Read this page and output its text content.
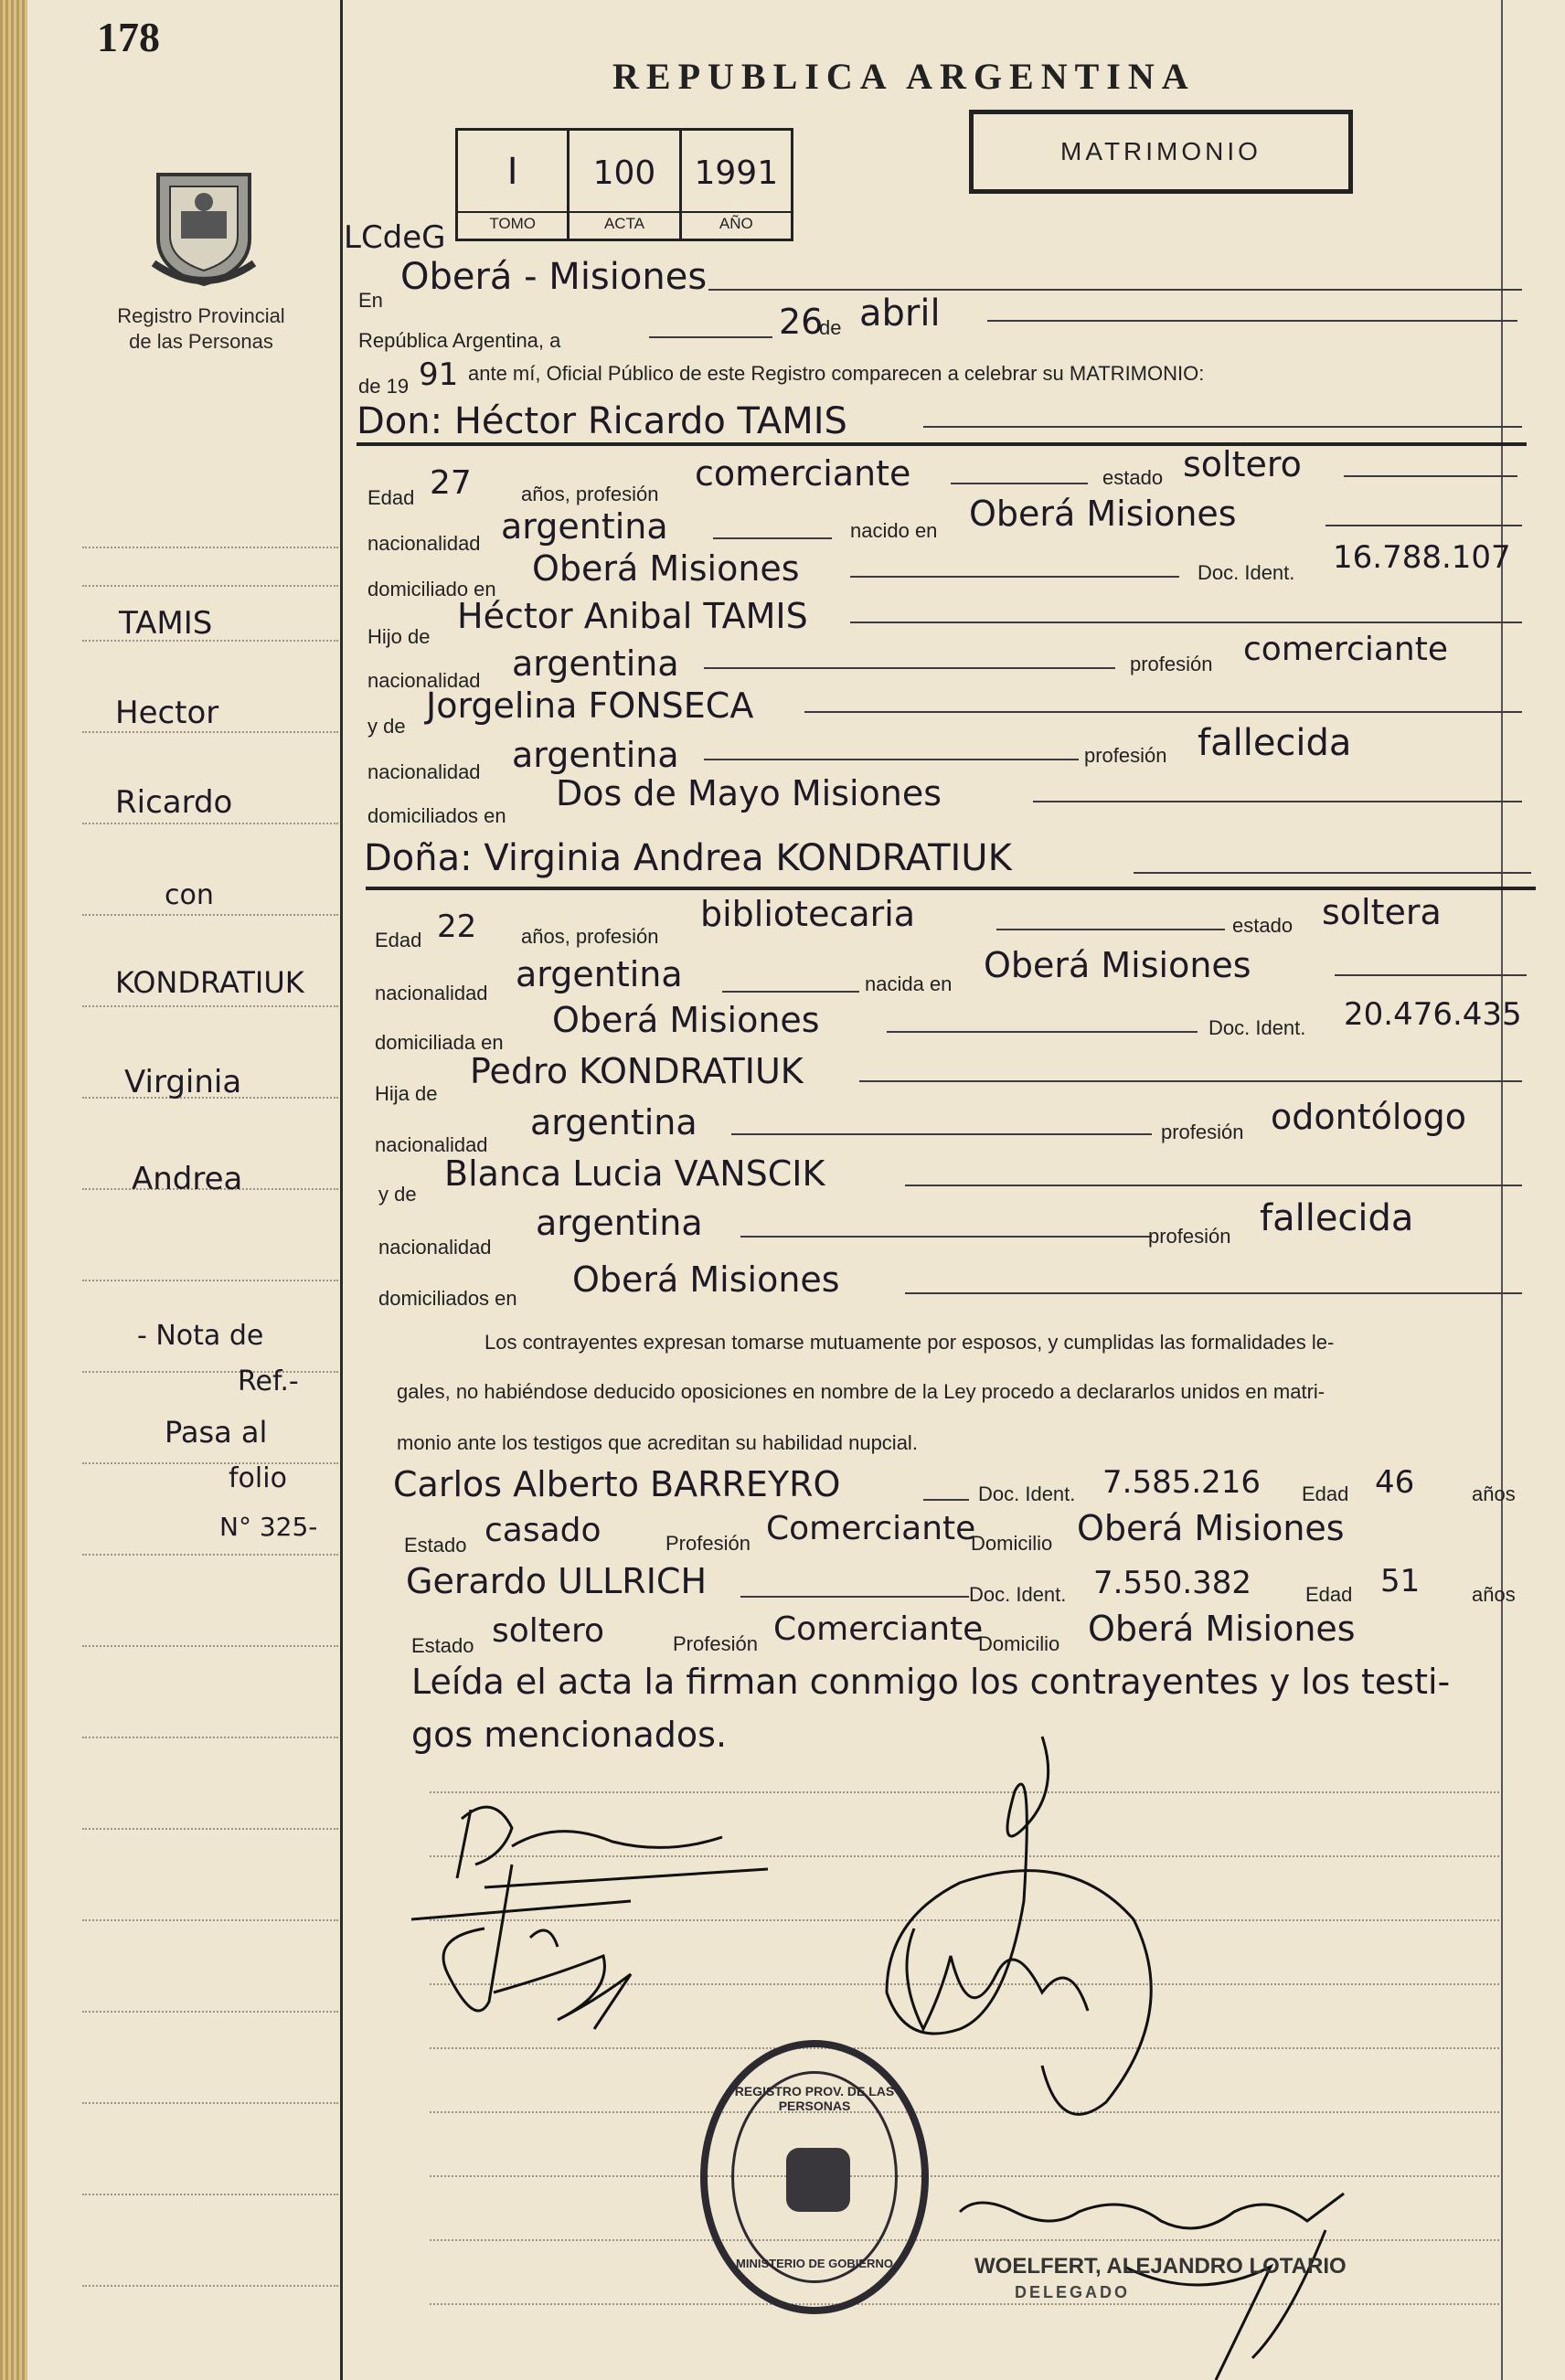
178
Registro Provincial
de las Personas
TAMIS
Hector
Ricardo
con
KONDRATIUK
Virginia
Andrea
- Nota de
Ref.-
Pasa al
folio
N° 325-
REPUBLICA ARGENTINA
MATRIMONIO
I
TOMO
100
ACTA
1991
AÑO
LCdeG
En
Oberá - Misiones
República Argentina, a	26
de abril
de 19 91 ante mí, Oficial Público de este Registro comparecen a celebrar su MATRIMONIO:
Don: Héctor Ricardo TAMIS
Edad 27 años, profesión
comerciante	estado soltero
nacionalidad argentina	nacido en Oberá Misiones
domiciliado en
Oberá Misiones	Doc. Ident. 16.788.107
Hijo de
Héctor Anibal TAMIS
nacionalidad argentina	profesión comerciante
y de
Jorgelina FONSECA
nacionalidad argentina	profesión fallecida
domiciliados en
Dos de Mayo Misiones
Doña: Virginia Andrea KONDRATIUK
Edad 22 años, profesión
bibliotecaria	estado soltera
nacionalidad argentina	nacida en Oberá Misiones
domiciliada en
Oberá Misiones	Doc. Ident. 20.476.435
Hija de
Pedro KONDRATIUK
nacionalidad
argentina	profesión odontólogo
y de
Blanca Lucia VANSCIK
nacionalidad
argentina	profesión fallecida
domiciliados en Oberá Misiones
Los contrayentes expresan tomarse mutuamente por esposos, y cumplidas las formalidades le-
gales, no habiéndose deducido oposiciones en nombre de la Ley procedo a declararlos unidos en matri-
monio ante los testigos que acreditan su habilidad nupcial.
Carlos Alberto BARREYRO	Doc. Ident. 7.585.216 Edad 46	años
Estado casado	Profesión Comerciante
Domicilio Oberá Misiones
Gerardo ULLRICH	Doc. Ident. 7.550.382	Edad 51	años
Estado soltero	Profesión Comerciante
Domicilio Oberá Misiones
Leída el acta la firman conmigo los contrayentes y los testi-
gos mencionados.
REGISTRO PROV. DE LAS PERSONAS
MINISTERIO DE GOBIERNO	WOELFERT, ALEJANDRO LOTARIO
DELEGADO
